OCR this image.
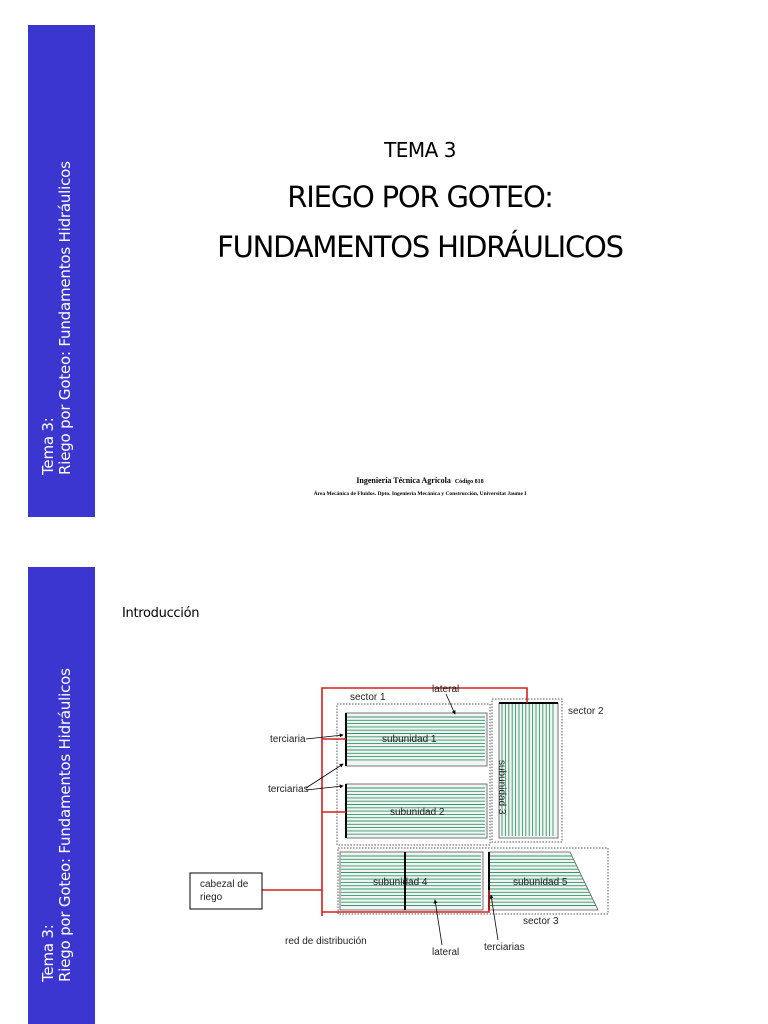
Tema 3: Riego por Goteo: Fundamentos Hidráulicos
TEMA 3
RIEGO POR GOTEO:
FUNDAMENTOS HIDRÁULICOS
Ingeniería Técnica Agrícola Código 818
Área Mecánica de Fluidos. Dpto. Ingeniería Mecánica y Construcción, Universitat Jaume I
Tema 3: Riego por Goteo: Fundamentos Hidráulicos
Introducción
cabezal de
riego
sector 1
lateral
sector 2
terciaria	subunidad 1
subunidad 3
terciarias
subunidad 2
subunidad 4	subunidad 5
sector 3
red de distribución
lateral terciarias
